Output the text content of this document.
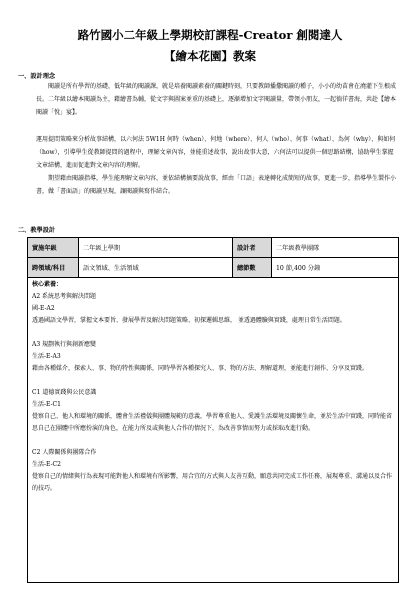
路竹國小二年級上學期校訂課程-Creator 創閱達人
【繪本花園】教案
一、設計理念

閱讀是所有學習的基礎，低年級的閱讀課，就是培養閱讀素養的關鍵時刻，只要教師播撒閱讀的種子，小小的幼苗會在澆灌下生根成長。二年級以繪本閱讀為主，藉繪書為輔，從文字與圖案並重的基礎上，逐漸增加文字閱讀量，帶領小朋友，一起徜徉書海，共赴【繪本閱讀「悅」宴】。

運用提問策略來分析故事結構，以六何法 5W1H 何時（when）、何地（where）、何人（who）、何事（what）、為何（why）、與如何（how），引導學生從教師提問的過程中，理解文章內容，並能重述故事，說出故事大意，六何法可以提供一個思路結構，協助學生掌握文章結構，進而促進對文章內容的理解。

期望藉由閱讀指導，學生能理解文章內容，並依結構摘要說故事，經由「口語」表達轉化成簡短的故事，更進一步，指導學生製作小書，做「書面語」的閱讀呈現，讓閱讀與寫作結合。

二、教學設計
實施年級	二年級上學期	設計者	二年級教學團隊
跨領域/科目	語文領域、生活領域	總節數	10 節,400 分鐘
核心素養：
A2 系統思考與解決問題
國-E-A2
透過國語文學習，掌握文本要旨、發展學習及解決問題策略、初探邏輯思維， 並透過體驗與實踐，處理日常生活問題。
A3 規劃執行與創新應變
生活-E-A3
藉由各種媒介，探索人、事、物的特性與關係，同時學習各種探究人、事、物的方法、理解道理，並能進行創作、分享及實踐。
C1 道德實踐與公民意識
生活-E-C1
覺察自己、他人和環境的關係，體會生活禮儀與團體規範的意義，學習尊重他人、愛護生活環境及關懷生命，並於生活中實踐，同時能省思自己在團體中所應扮演的角色，在能力所及或與他人合作的情況下，為改善事情而努力或採取改進行動。
C2 人際關係與團隊合作
生活-E-C2
覺察自己的情緒與行為表現可能對他人和環境有所影響，用合宜的方式與人友善互動，願意共同完成工作任務，展現尊重、溝通以及合作的技巧。
